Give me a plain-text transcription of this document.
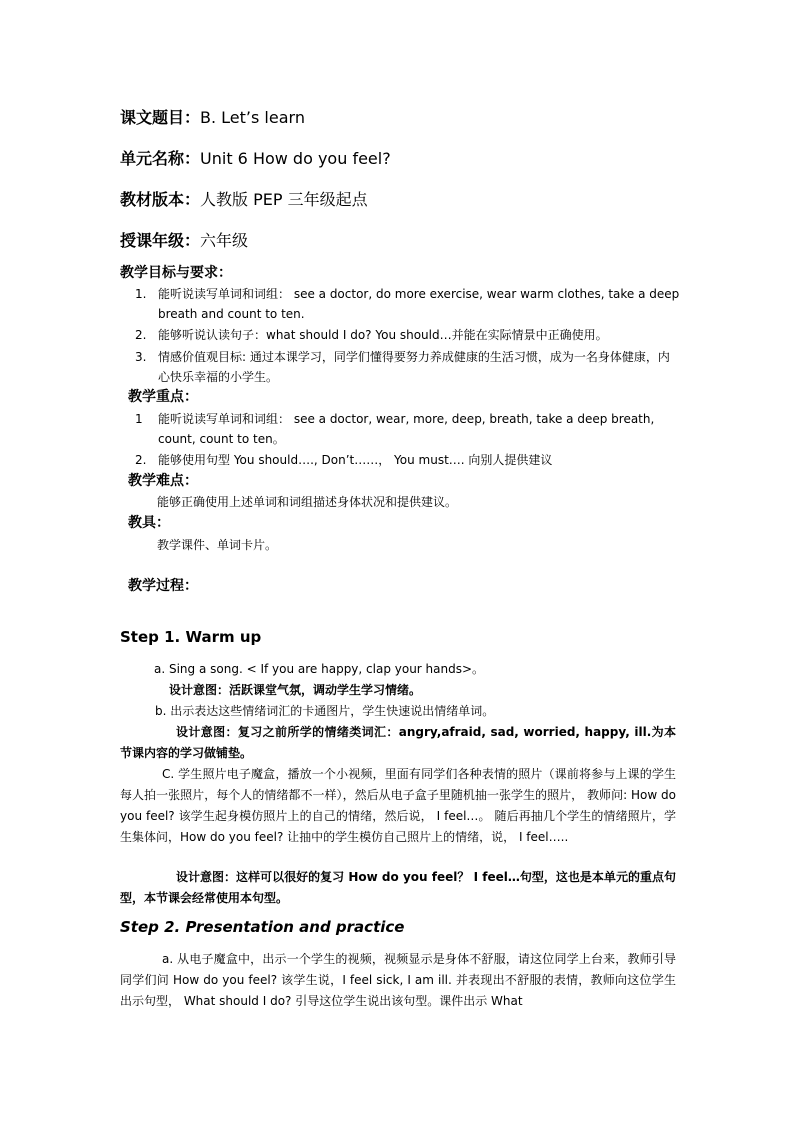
课文题目：B. Let’s learn
单元名称：Unit 6 How do you feel?
教材版本：人教版 PEP 三年级起点
授课年级：六年级
教学目标与要求：
1. 能听说读写单词和词组： see a doctor, do more exercise, wear warm clothes, take a deep breath and count to ten.
2. 能够听说认读句子：what should I do? You should…并能在实际情景中正确使用。
3. 情感价值观目标: 通过本课学习，同学们懂得要努力养成健康的生活习惯，成为一名身体健康，内心快乐幸福的小学生。
教学重点：
1 能听说读写单词和词组： see a doctor, wear, more, deep, breath, take a deep breath, count, count to ten。
2. 能够使用句型 You should…., Don’t……， You must…. 向别人提供建议
教学难点：
能够正确使用上述单词和词组描述身体状况和提供建议。
教具：
教学课件、单词卡片。
教学过程：
Step 1. Warm up
a. Sing a song. < If you are happy, clap your hands>。
设计意图：活跃课堂气氛，调动学生学习情绪。
b. 出示表达这些情绪词汇的卡通图片，学生快速说出情绪单词。
设计意图：复习之前所学的情绪类词汇：angry,afraid, sad, worried, happy, ill.为本节课内容的学习做铺垫。
C. 学生照片电子魔盒，播放一个小视频，里面有同学们各种表情的照片（课前将参与上课的学生每人拍一张照片，每个人的情绪都不一样），然后从电子盒子里随机抽一张学生的照片， 教师问: How do you feel? 该学生起身模仿照片上的自己的情绪，然后说， I feel…。 随后再抽几个学生的情绪照片，学生集体问，How do you feel? 让抽中的学生模仿自己照片上的情绪，说， I feel…..
设计意图：这样可以很好的复习 How do you feel？ I feel…句型，这也是本单元的重点句型，本节课会经常使用本句型。
Step 2. Presentation and practice
a. 从电子魔盒中，出示一个学生的视频，视频显示是身体不舒服，请这位同学上台来，教师引导同学们问 How do you feel? 该学生说，I feel sick, I am ill. 并表现出不舒服的表情，教师向这位学生出示句型， What should I do? 引导这位学生说出该句型。课件出示 What
